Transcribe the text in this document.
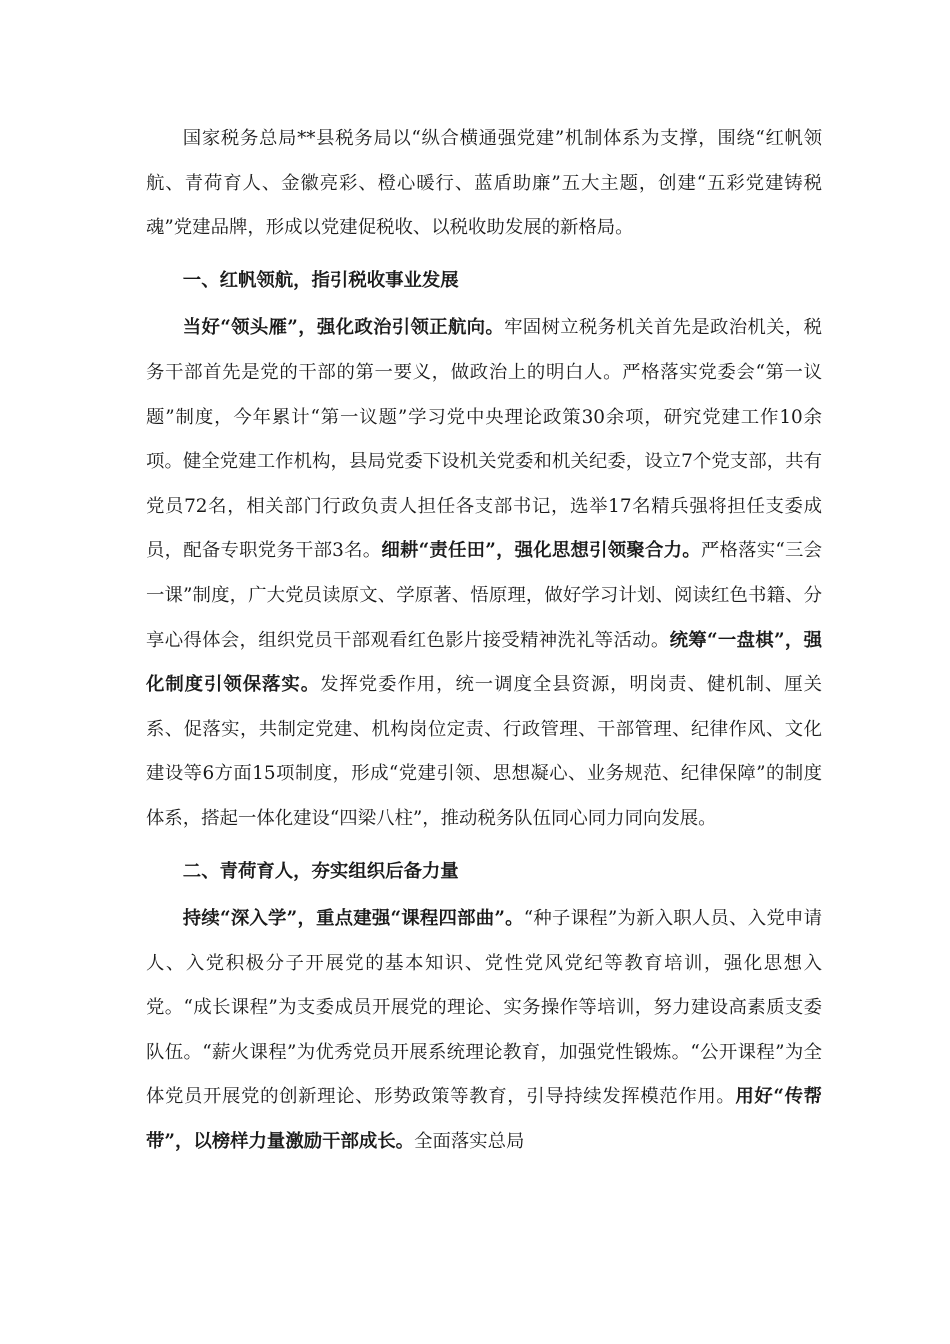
国家税务总局**县税务局以“纵合横通强党建”机制体系为支撑，围绕“红帆领航、青荷育人、金徽亮彩、橙心暖行、蓝盾助廉”五大主题，创建“五彩党建铸税魂”党建品牌，形成以党建促税收、以税收助发展的新格局。

一、红帆领航，指引税收事业发展

当好“领头雁”，强化政治引领正航向。牢固树立税务机关首先是政治机关，税务干部首先是党的干部的第一要义，做政治上的明白人。严格落实党委会“第一议题”制度，今年累计“第一议题”学习党中央理论政策30余项，研究党建工作10余项。健全党建工作机构，县局党委下设机关党委和机关纪委，设立7个党支部，共有党员72名，相关部门行政负责人担任各支部书记，选举17名精兵强将担任支委成员，配备专职党务干部3名。细耕“责任田”，强化思想引领聚合力。严格落实“三会一课”制度，广大党员读原文、学原著、悟原理，做好学习计划、阅读红色书籍、分享心得体会，组织党员干部观看红色影片接受精神洗礼等活动。统筹“一盘棋”，强化制度引领保落实。发挥党委作用，统一调度全县资源，明岗责、健机制、厘关系、促落实，共制定党建、机构岗位定责、行政管理、干部管理、纪律作风、文化建设等6方面15项制度，形成“党建引领、思想凝心、业务规范、纪律保障”的制度体系，搭起一体化建设“四梁八柱”，推动税务队伍同心同力同向发展。

二、青荷育人，夯实组织后备力量

持续“深入学”，重点建强“课程四部曲”。“种子课程”为新入职人员、入党申请人、入党积极分子开展党的基本知识、党性党风党纪等教育培训，强化思想入党。“成长课程”为支委成员开展党的理论、实务操作等培训，努力建设高素质支委队伍。“薪火课程”为优秀党员开展系统理论教育，加强党性锻炼。“公开课程”为全体党员开展党的创新理论、形势政策等教育，引导持续发挥模范作用。用好“传帮带”，以榜样力量激励干部成长。全面落实总局
